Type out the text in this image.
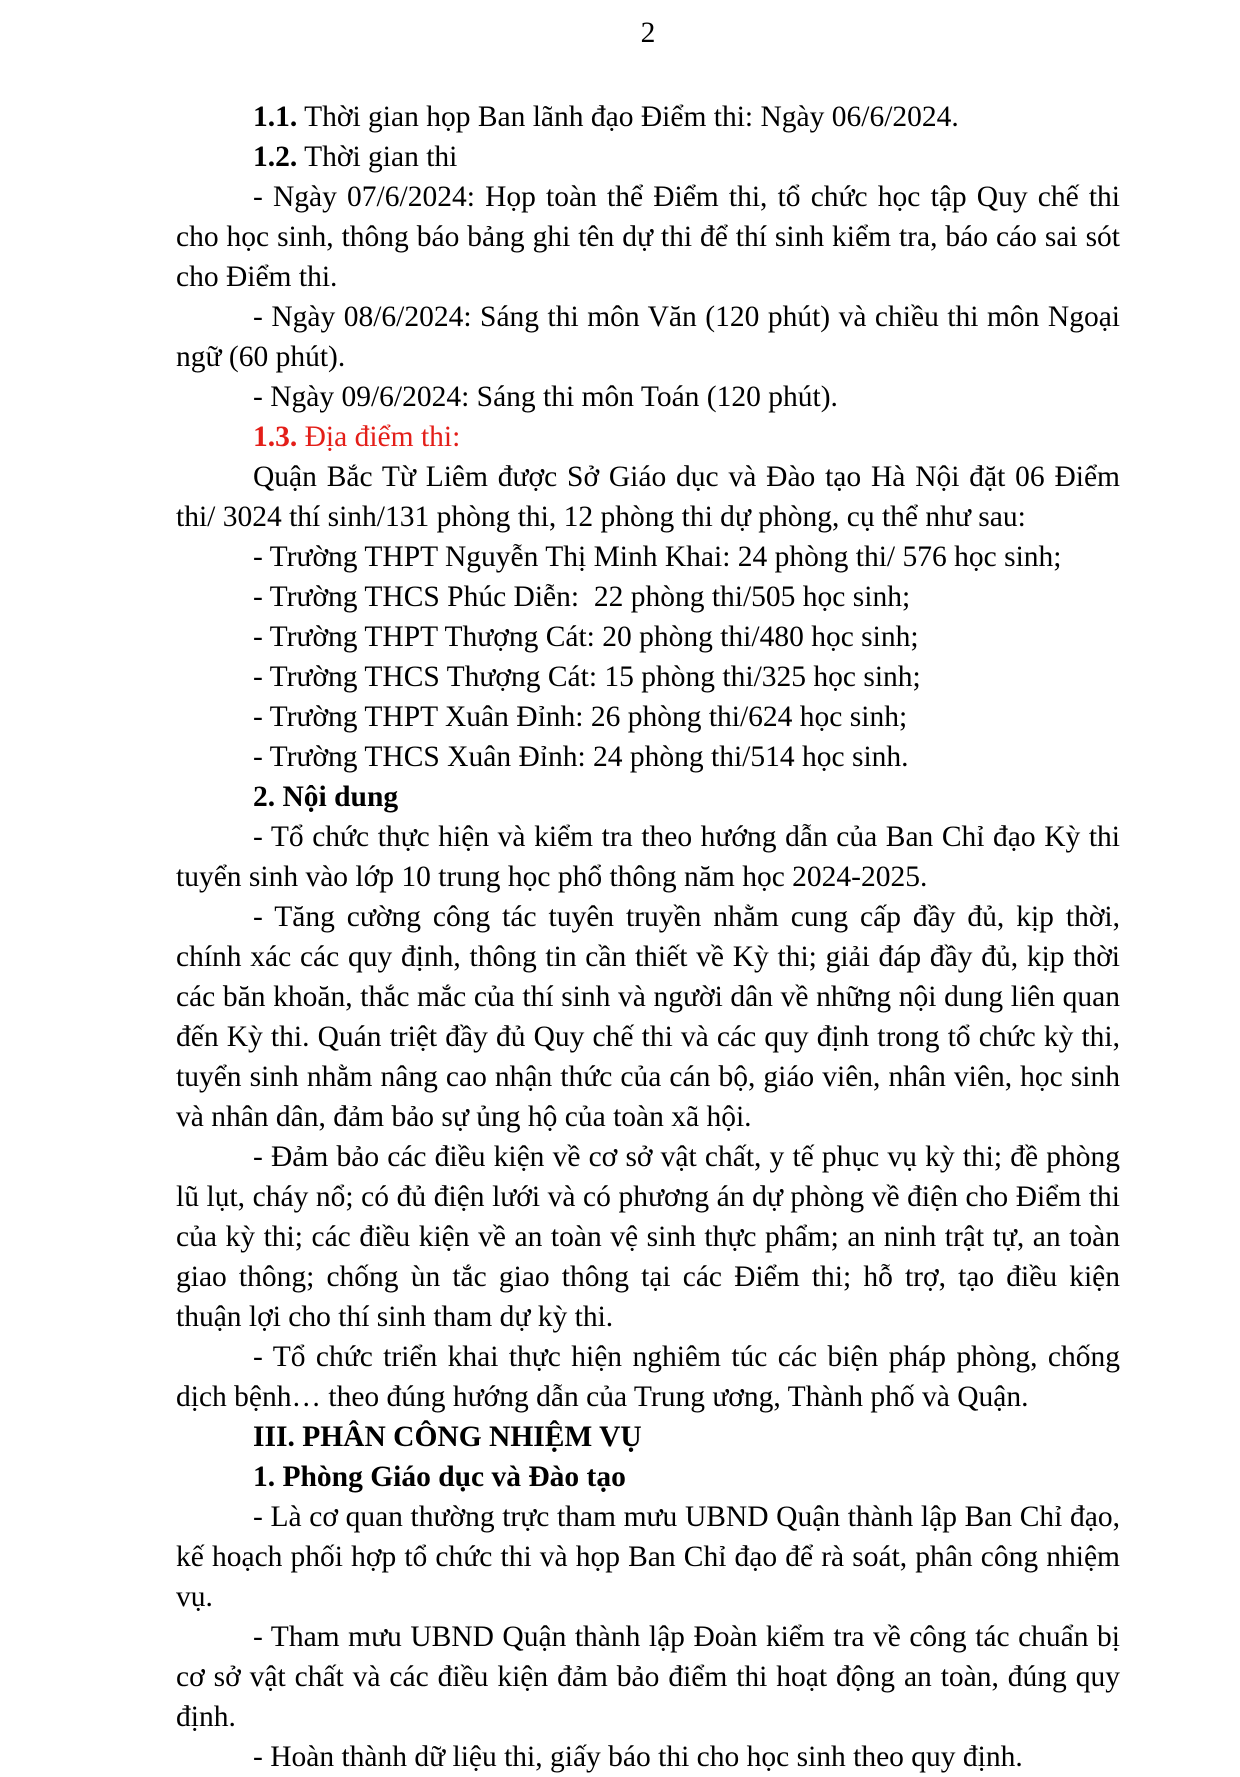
2

1.1. Thời gian họp Ban lãnh đạo Điểm thi: Ngày 06/6/2024.

1.2. Thời gian thi

- Ngày 07/6/2024: Họp toàn thể Điểm thi, tổ chức học tập Quy chế thi cho học sinh, thông báo bảng ghi tên dự thi để thí sinh kiểm tra, báo cáo sai sót cho Điểm thi.

- Ngày 08/6/2024: Sáng thi môn Văn (120 phút) và chiều thi môn Ngoại ngữ (60 phút).

- Ngày 09/6/2024: Sáng thi môn Toán (120 phút).

1.3. Địa điểm thi:

Quận Bắc Từ Liêm được Sở Giáo dục và Đào tạo Hà Nội đặt 06 Điểm thi/ 3024 thí sinh/131 phòng thi, 12 phòng thi dự phòng, cụ thể như sau:

- Trường THPT Nguyễn Thị Minh Khai: 24 phòng thi/ 576 học sinh;

- Trường THCS Phúc Diễn:  22 phòng thi/505 học sinh;

- Trường THPT Thượng Cát: 20 phòng thi/480 học sinh;

- Trường THCS Thượng Cát: 15 phòng thi/325 học sinh;

- Trường THPT Xuân Đỉnh: 26 phòng thi/624 học sinh;

- Trường THCS Xuân Đỉnh: 24 phòng thi/514 học sinh.

2. Nội dung

- Tổ chức thực hiện và kiểm tra theo hướng dẫn của Ban Chỉ đạo Kỳ thi tuyển sinh vào lớp 10 trung học phổ thông năm học 2024-2025.

- Tăng cường công tác tuyên truyền nhằm cung cấp đầy đủ, kịp thời, chính xác các quy định, thông tin cần thiết về Kỳ thi; giải đáp đầy đủ, kịp thời các băn khoăn, thắc mắc của thí sinh và người dân về những nội dung liên quan đến Kỳ thi. Quán triệt đầy đủ Quy chế thi và các quy định trong tổ chức kỳ thi, tuyển sinh nhằm nâng cao nhận thức của cán bộ, giáo viên, nhân viên, học sinh và nhân dân, đảm bảo sự ủng hộ của toàn xã hội.

- Đảm bảo các điều kiện về cơ sở vật chất, y tế phục vụ kỳ thi; đề phòng lũ lụt, cháy nổ; có đủ điện lưới và có phương án dự phòng về điện cho Điểm thi của kỳ thi; các điều kiện về an toàn vệ sinh thực phẩm; an ninh trật tự, an toàn giao thông; chống ùn tắc giao thông tại các Điểm thi; hỗ trợ, tạo điều kiện thuận lợi cho thí sinh tham dự kỳ thi.

- Tổ chức triển khai thực hiện nghiêm túc các biện pháp phòng, chống dịch bệnh… theo đúng hướng dẫn của Trung ương, Thành phố và Quận.

III. PHÂN CÔNG NHIỆM VỤ

1. Phòng Giáo dục và Đào tạo

- Là cơ quan thường trực tham mưu UBND Quận thành lập Ban Chỉ đạo, kế hoạch phối hợp tổ chức thi và họp Ban Chỉ đạo để rà soát, phân công nhiệm vụ.

- Tham mưu UBND Quận thành lập Đoàn kiểm tra về công tác chuẩn bị cơ sở vật chất và các điều kiện đảm bảo điểm thi hoạt động an toàn, đúng quy định.

- Hoàn thành dữ liệu thi, giấy báo thi cho học sinh theo quy định.
